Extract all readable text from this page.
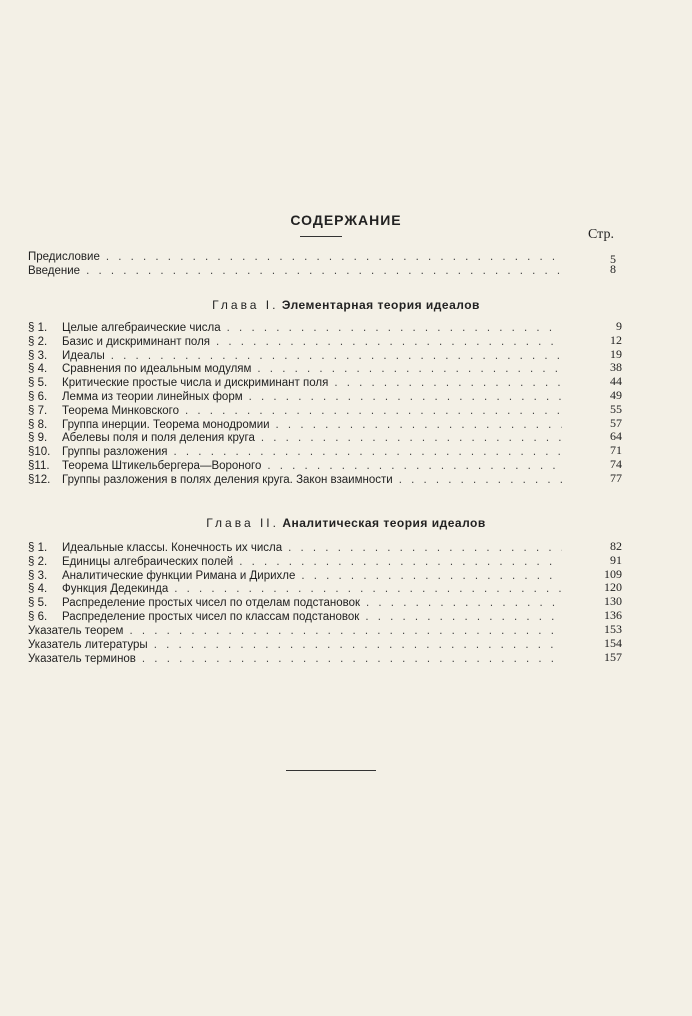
СОДЕРЖАНИЕ
Стр.
Предисловие . . .	5
Введение . . .	8
Глава I. Элементарная теория идеалов
§ 1.	Целые алгебраические числа . . .	9
§ 2.	Базис и дискриминант поля . . .	12
§ 3.	Идеалы . . .	19
§ 4.	Сравнения по идеальным модулям . . .	38
§ 5.	Критические простые числа и дискриминант поля . . .	44
§ 6.	Лемма из теории линейных форм . . .	49
§ 7.	Теорема Минковского . . .	55
§ 8.	Группа инерции. Теорема монодромии . . .	57
§ 9.	Абелевы поля и поля деления круга . . .	64
§10.	Группы разложения . . .	71
§11.	Теорема Штикельбергера—Вороного . . .	74
§12.	Группы разложения в полях деления круга. Закон взаимности . . .	77
Глава II. Аналитическая теория идеалов
§ 1.	Идеальные классы. Конечность их числа . . .	82
§ 2.	Единицы алгебраических полей . . .	91
§ 3.	Аналитические функции Римана и Дирихле . . .	109
§ 4.	Функция Дедекинда . . .	120
§ 5.	Распределение простых чисел по отделам подстановок . . .	130
§ 6.	Распределение простых чисел по классам подстановок . . .	136
Указатель теорем . . .	153
Указатель литературы . . .	154
Указатель терминов . . .	157
